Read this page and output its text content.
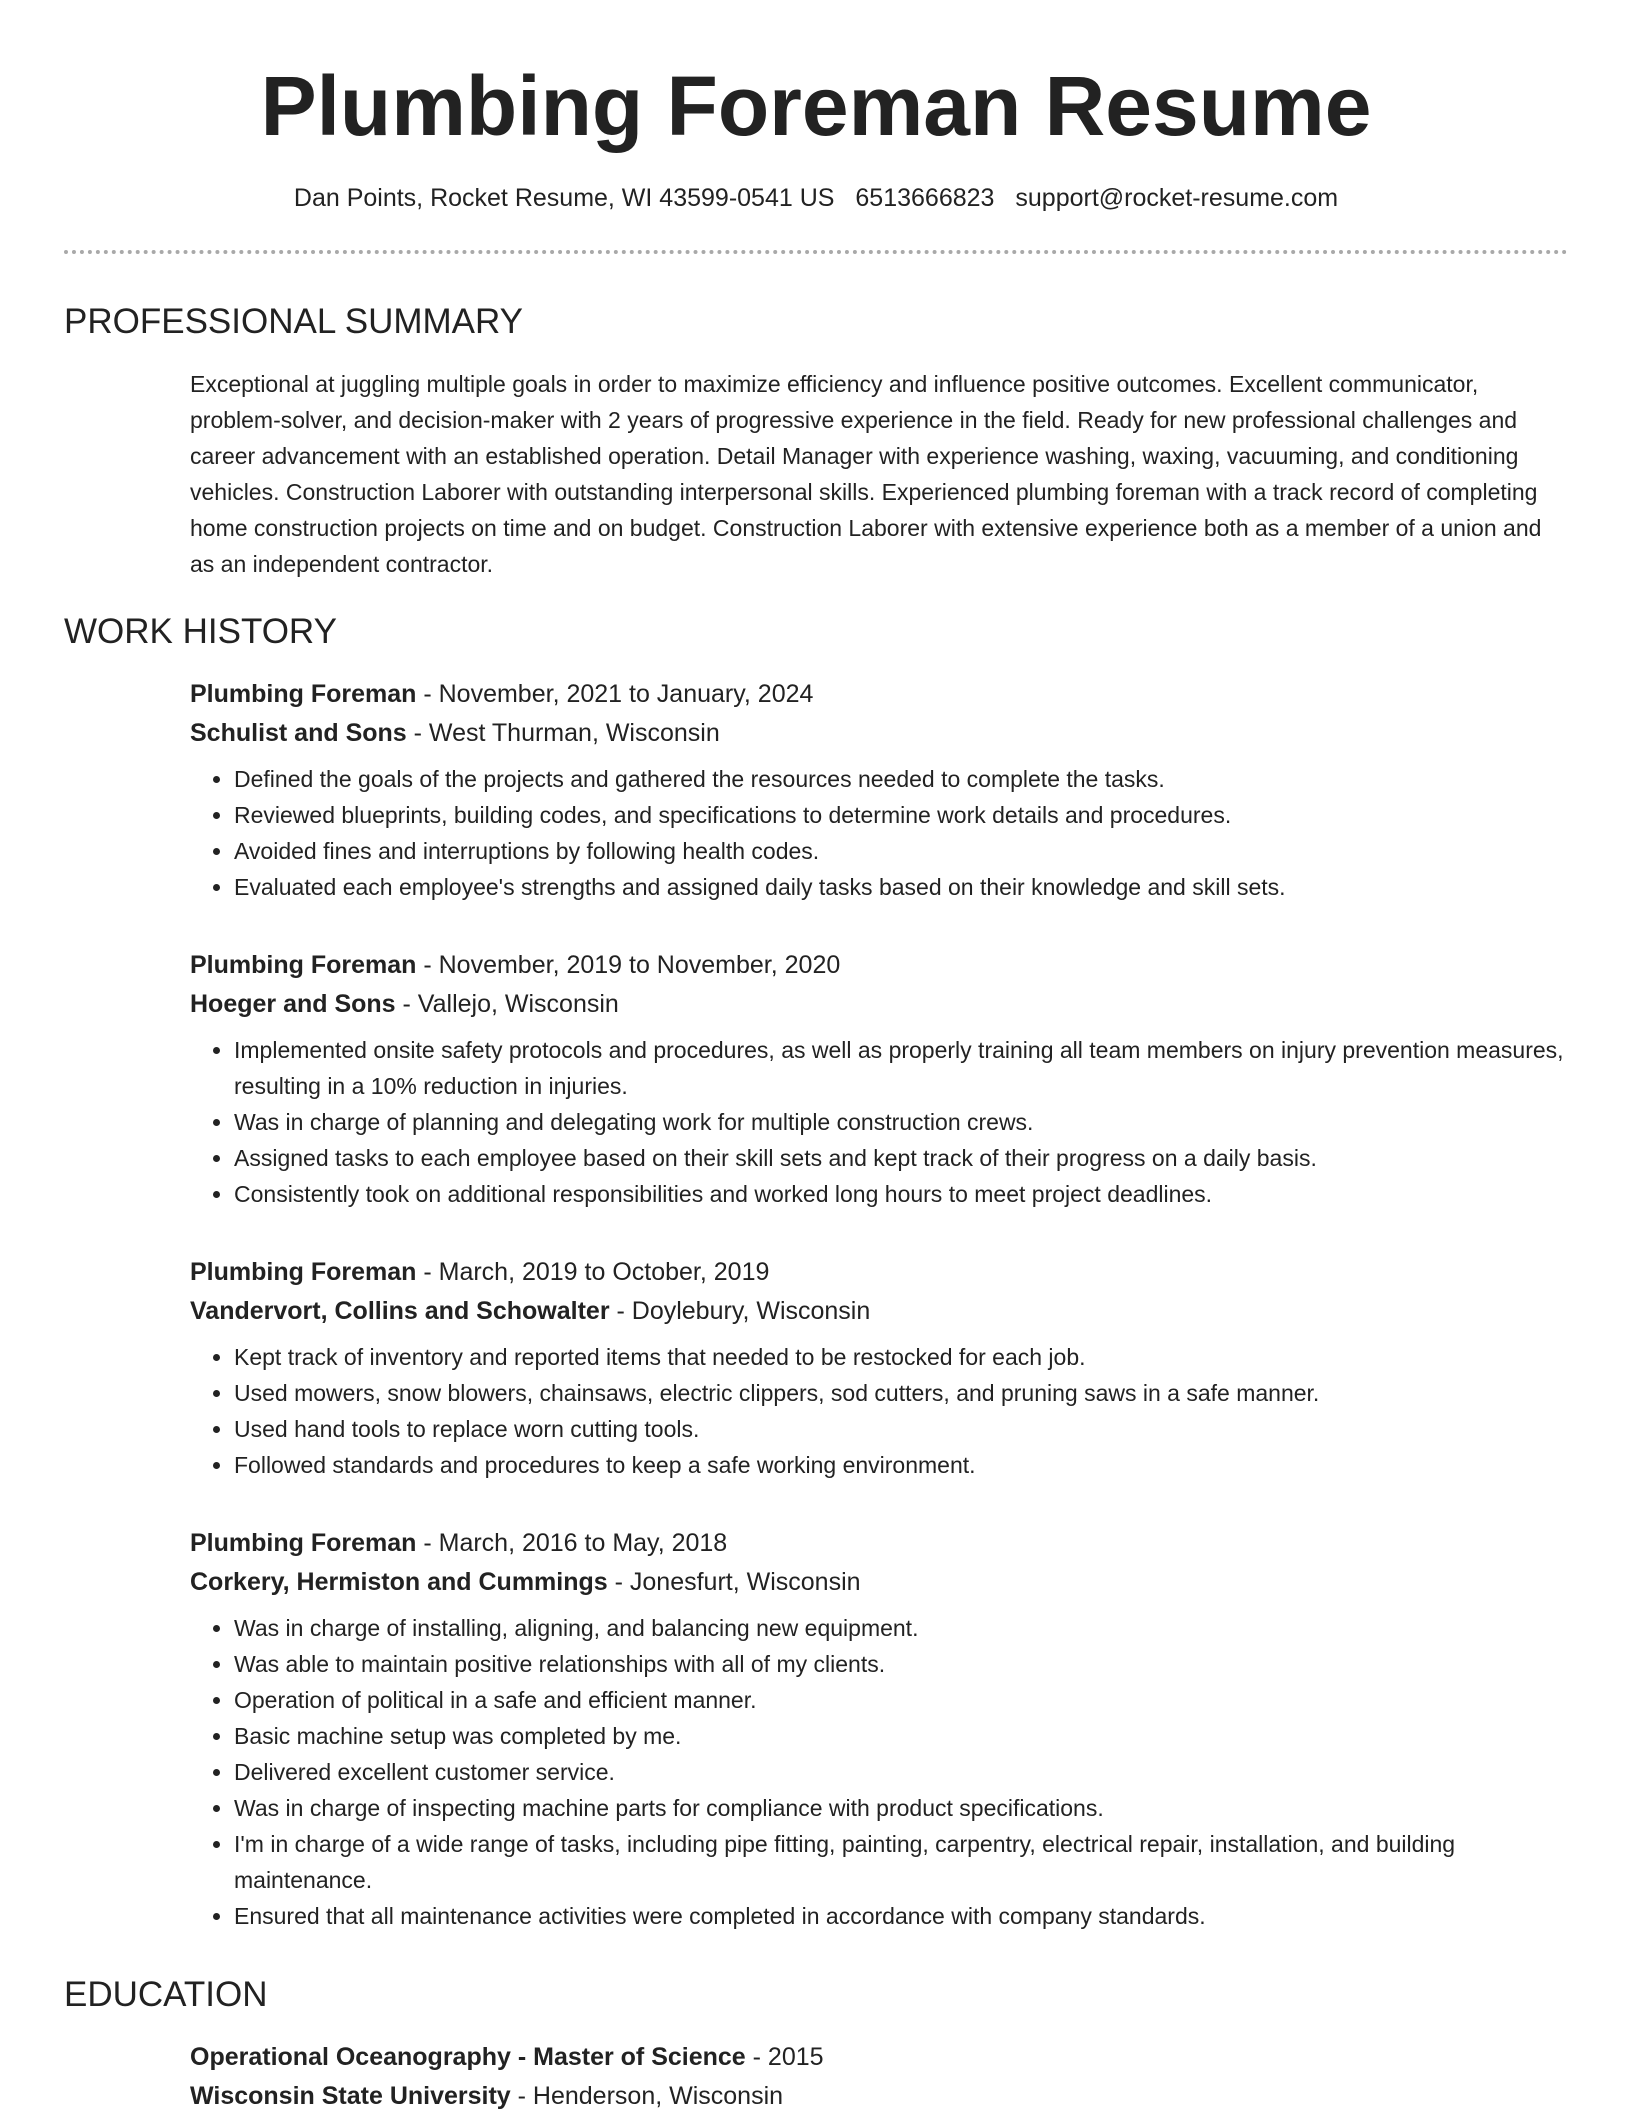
Plumbing Foreman Resume
Dan Points, Rocket Resume, WI 43599-0541 US 6513666823 support@rocket-resume.com
PROFESSIONAL SUMMARY

Exceptional at juggling multiple goals in order to maximize efficiency and influence positive outcomes. Excellent communicator, problem-solver, and decision-maker with 2 years of progressive experience in the field. Ready for new professional challenges and career advancement with an established operation. Detail Manager with experience washing, waxing, vacuuming, and conditioning vehicles. Construction Laborer with outstanding interpersonal skills. Experienced plumbing foreman with a track record of completing home construction projects on time and on budget. Construction Laborer with extensive experience both as a member of a union and as an independent contractor.

WORK HISTORY
Plumbing Foreman - November, 2021 to January, 2024
Schulist and Sons - West Thurman, Wisconsin
• Defined the goals of the projects and gathered the resources needed to complete the tasks.
• Reviewed blueprints, building codes, and specifications to determine work details and procedures.
• Avoided fines and interruptions by following health codes.
• Evaluated each employee's strengths and assigned daily tasks based on their knowledge and skill sets.
Plumbing Foreman - November, 2019 to November, 2020
Hoeger and Sons - Vallejo, Wisconsin
• Implemented onsite safety protocols and procedures, as well as properly training all team members on injury prevention measures, resulting in a 10% reduction in injuries.
• Was in charge of planning and delegating work for multiple construction crews.
• Assigned tasks to each employee based on their skill sets and kept track of their progress on a daily basis.
• Consistently took on additional responsibilities and worked long hours to meet project deadlines.
Plumbing Foreman - March, 2019 to October, 2019
Vandervort, Collins and Schowalter - Doylebury, Wisconsin
• Kept track of inventory and reported items that needed to be restocked for each job.
• Used mowers, snow blowers, chainsaws, electric clippers, sod cutters, and pruning saws in a safe manner.
• Used hand tools to replace worn cutting tools.
• Followed standards and procedures to keep a safe working environment.
Plumbing Foreman - March, 2016 to May, 2018
Corkery, Hermiston and Cummings - Jonesfurt, Wisconsin
• Was in charge of installing, aligning, and balancing new equipment.
• Was able to maintain positive relationships with all of my clients.
• Operation of political in a safe and efficient manner.
• Basic machine setup was completed by me.
• Delivered excellent customer service.
• Was in charge of inspecting machine parts for compliance with product specifications.
• I'm in charge of a wide range of tasks, including pipe fitting, painting, carpentry, electrical repair, installation, and building maintenance.
• Ensured that all maintenance activities were completed in accordance with company standards.
EDUCATION
Operational Oceanography - Master of Science - 2015
Wisconsin State University - Henderson, Wisconsin
